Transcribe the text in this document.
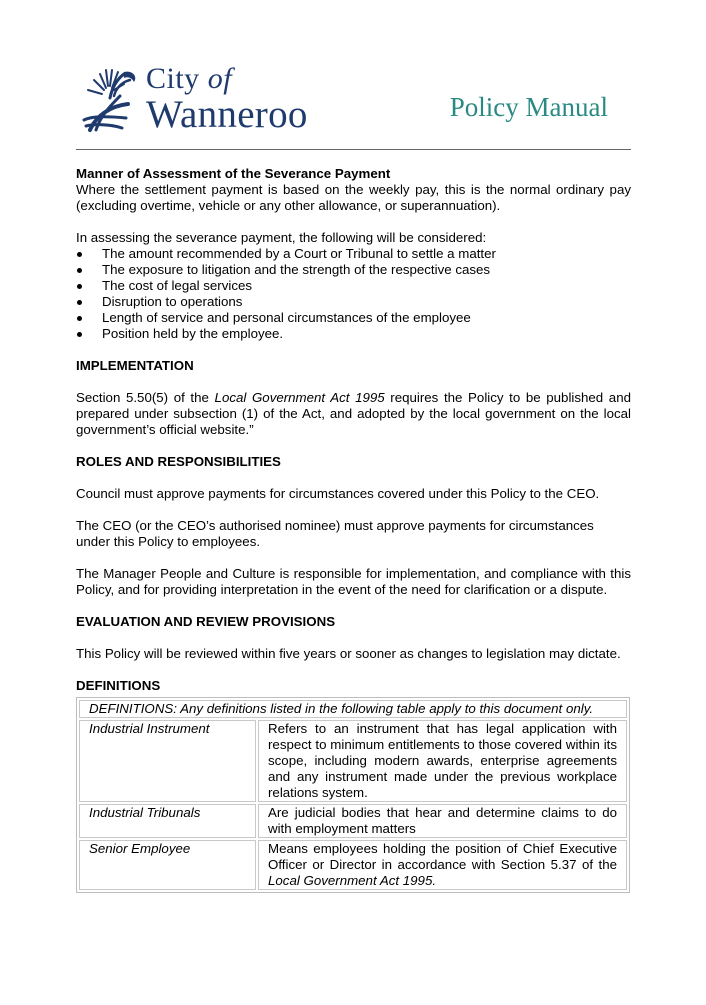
City of
Wanneroo	Policy Manual
Manner of Assessment of the Severance Payment

Where the settlement payment is based on the weekly pay, this is the normal ordinary pay (excluding overtime, vehicle or any other allowance, or superannuation).

In assessing the severance payment, the following will be considered:

The amount recommended by a Court or Tribunal to settle a matter
The exposure to litigation and the strength of the respective cases
The cost of legal services
Disruption to operations
Length of service and personal circumstances of the employee
Position held by the employee.
IMPLEMENTATION

Section 5.50(5) of the Local Government Act 1995 requires the Policy to be published and prepared under subsection (1) of the Act, and adopted by the local government on the local government’s official website.”

ROLES AND RESPONSIBILITIES

Council must approve payments for circumstances covered under this Policy to the CEO.

The CEO (or the CEO’s authorised nominee) must approve payments for circumstances under this Policy to employees.

The Manager People and Culture is responsible for implementation, and compliance with this Policy, and for providing interpretation in the event of the need for clarification or a dispute.

EVALUATION AND REVIEW PROVISIONS

This Policy will be reviewed within five years or sooner as changes to legislation may dictate.

DEFINITIONS
DEFINITIONS: Any definitions listed in the following table apply to this document only.	
Industrial Instrument	Refers to an instrument that has legal application with respect to minimum entitlements to those covered within its scope, including modern awards, enterprise agreements and any instrument made under the previous workplace relations system.
Industrial Tribunals	Are judicial bodies that hear and determine claims to do with employment matters
Senior Employee	Means employees holding the position of Chief Executive Officer or Director in accordance with Section 5.37 of the Local Government Act 1995.
